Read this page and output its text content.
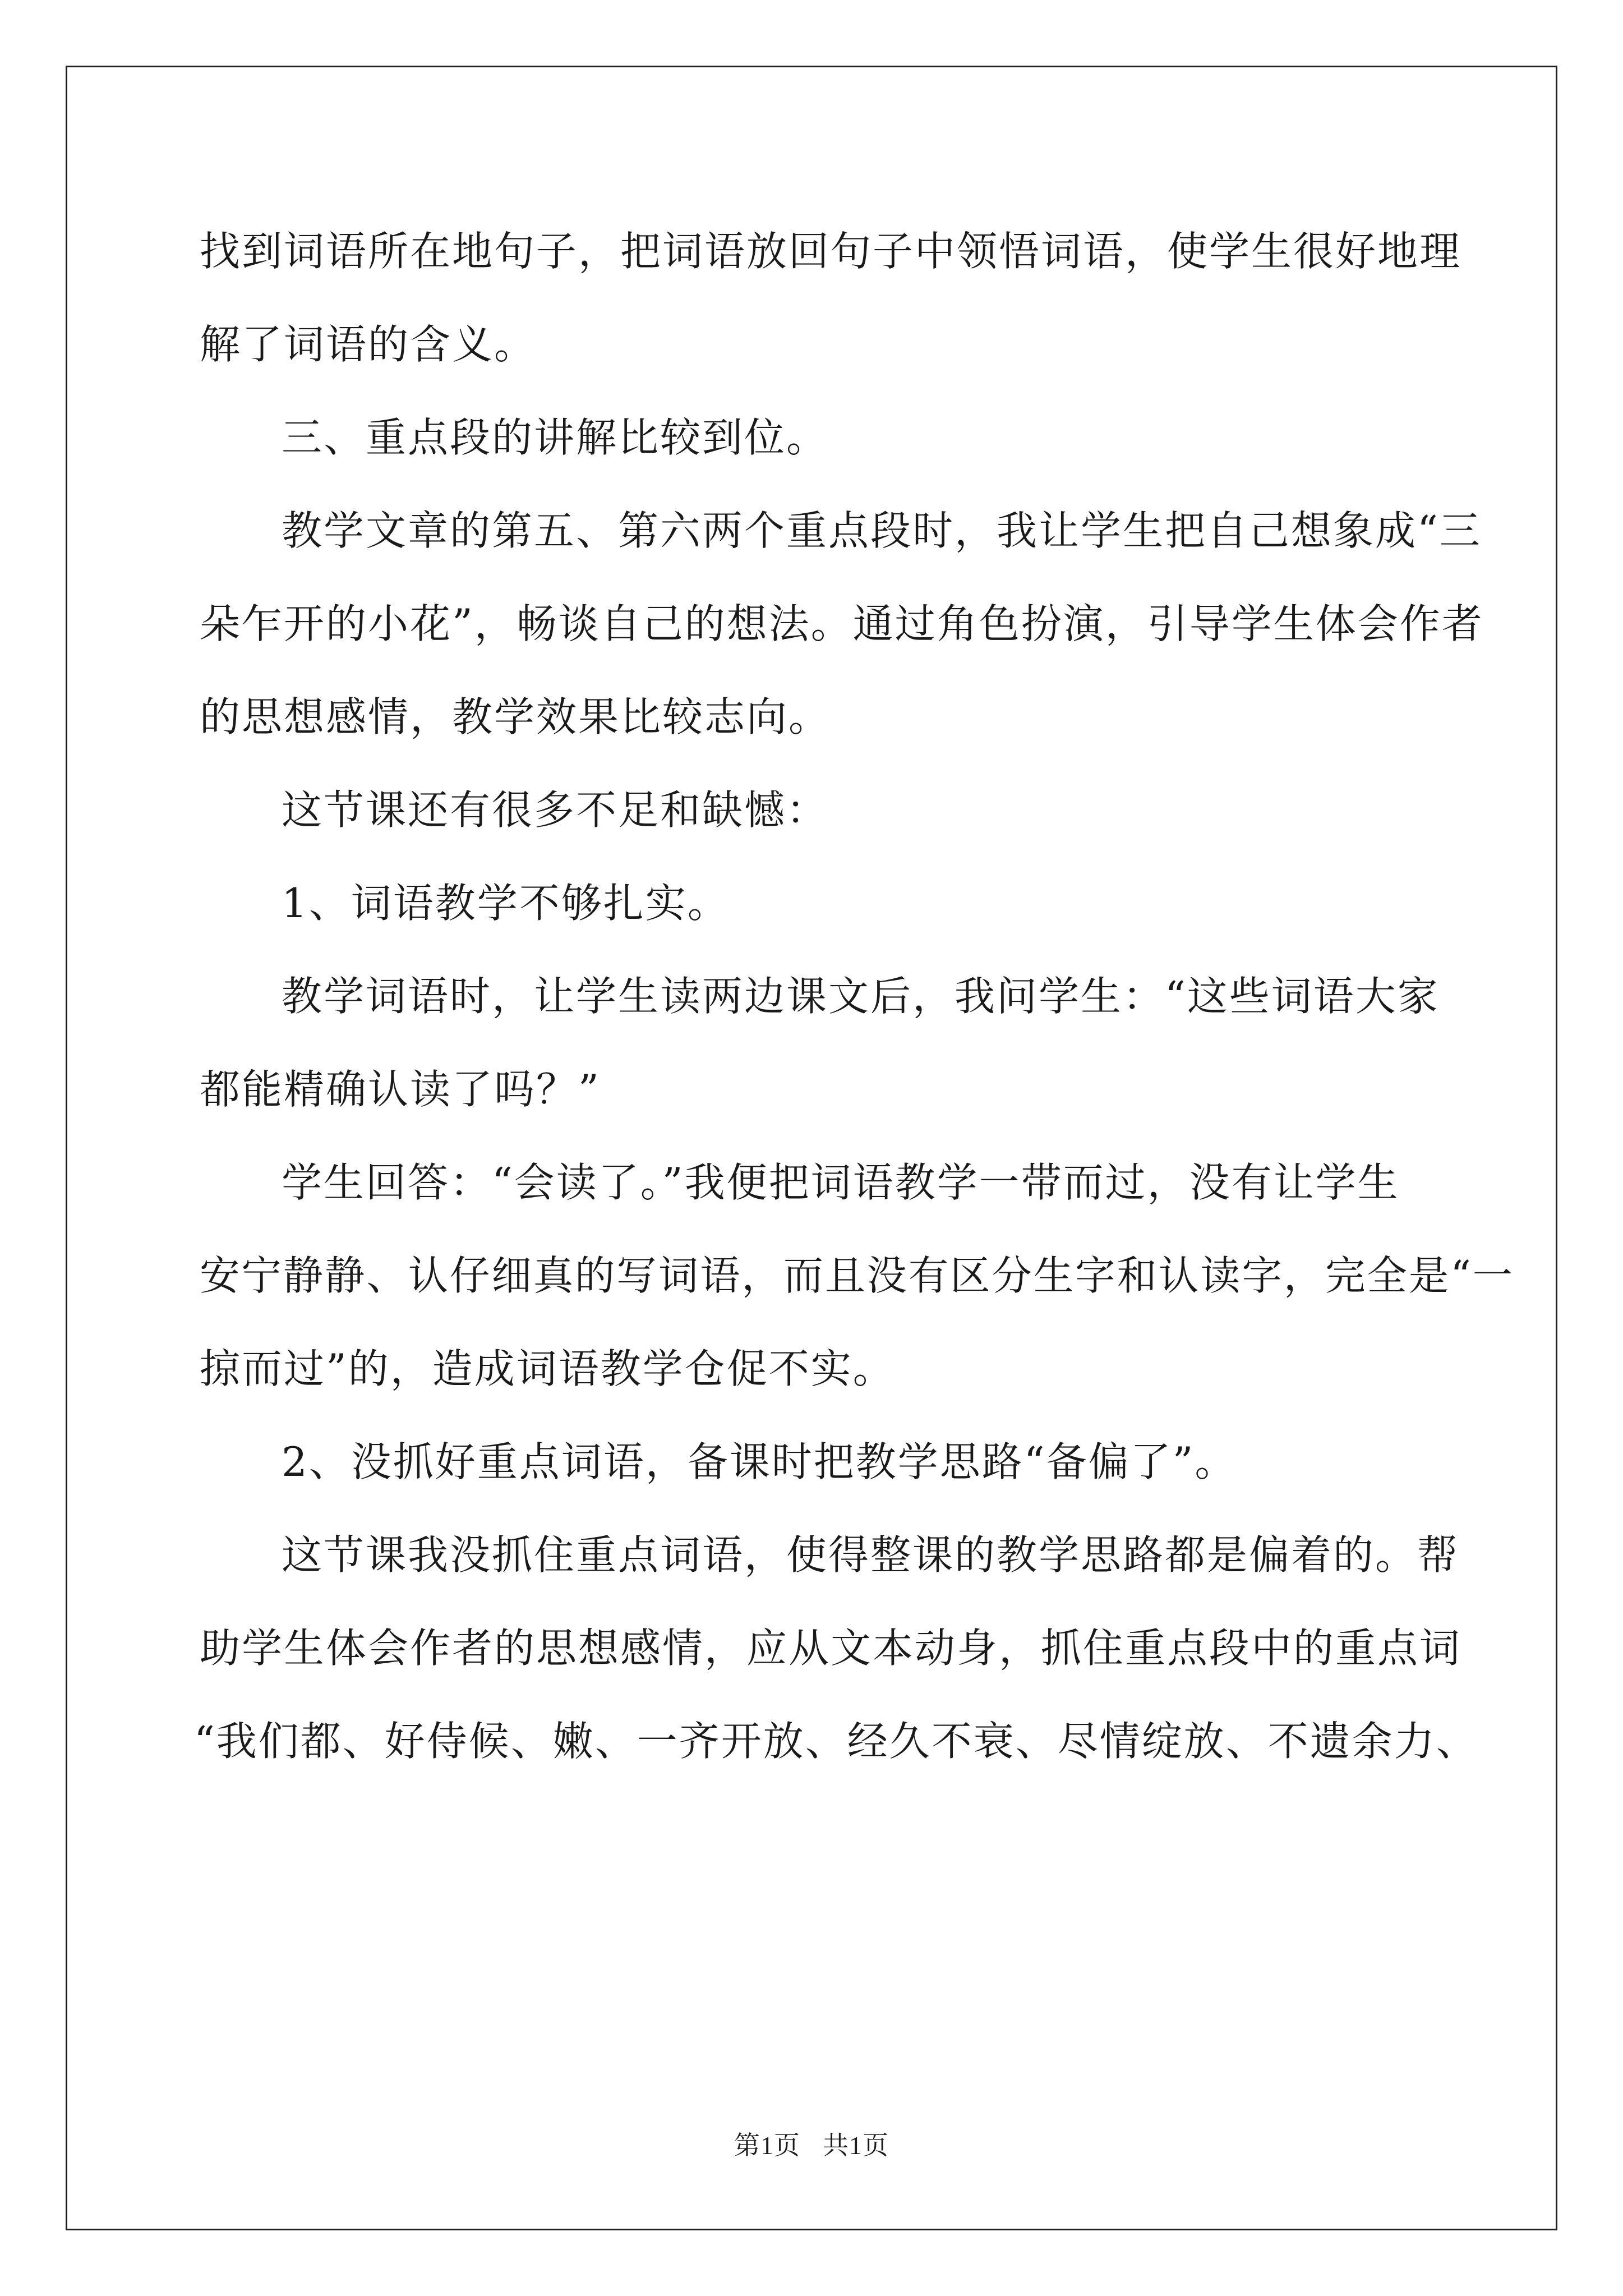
找到词语所在地句子，把词语放回句子中领悟词语，使学生很好地理
解了词语的含义。
三、重点段的讲解比较到位。
教学文章的第五、第六两个重点段时，我让学生把自己想象成“三
朵乍开的小花”，畅谈自己的想法。通过角色扮演，引导学生体会作者
的思想感情，教学效果比较志向。
这节课还有很多不足和缺憾：
1、词语教学不够扎实。
教学词语时，让学生读两边课文后，我问学生：“这些词语大家
都能精确认读了吗？”
学生回答：“会读了。”我便把词语教学一带而过，没有让学生
安宁静静、认仔细真的写词语，而且没有区分生字和认读字，完全是“一
掠而过”的，造成词语教学仓促不实。
2、没抓好重点词语，备课时把教学思路“备偏了”。
这节课我没抓住重点词语，使得整课的教学思路都是偏着的。帮
助学生体会作者的思想感情，应从文本动身，抓住重点段中的重点词
“我们都、好侍候、嫩、一齐开放、经久不衰、尽情绽放、不遗余力、
第1页 共1页
